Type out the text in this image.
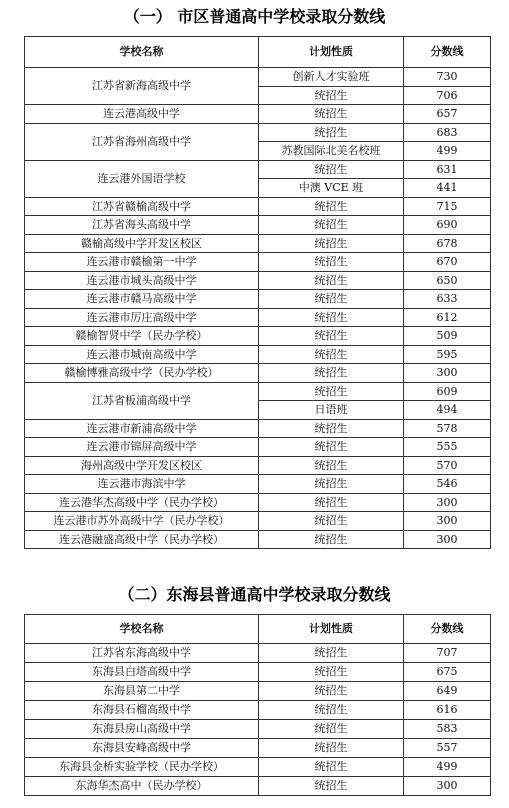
（一） 市区普通高中学校录取分数线
学校名称	计划性质	分数线
江苏省新海高级中学	创新人才实验班	730
	统招生	706
连云港高级中学	统招生	657
江苏省海州高级中学	统招生	683
	苏教国际北美名校班	499
连云港外国语学校	统招生	631
	中澳 VCE 班	441
江苏省赣榆高级中学	统招生	715
江苏省海头高级中学	统招生	690
赣榆高级中学开发区校区	统招生	678
连云港市赣榆第一中学	统招生	670
连云港市城头高级中学	统招生	650
连云港市赣马高级中学	统招生	633
连云港市厉庄高级中学	统招生	612
赣榆智贤中学（民办学校）	统招生	509
连云港市城南高级中学	统招生	595
赣榆博雅高级中学（民办学校）	统招生	300
江苏省板浦高级中学	统招生	609
	日语班	494
连云港市新浦高级中学	统招生	578
连云港市锦屏高级中学	统招生	555
海州高级中学开发区校区	统招生	570
连云港市海滨中学	统招生	546
连云港华杰高级中学（民办学校）	统招生	300
连云港市苏外高级中学（民办学校）	统招生	300
连云港融盛高级中学（民办学校）	统招生	300
（二）东海县普通高中学校录取分数线
学校名称	计划性质	分数线
江苏省东海高级中学	统招生	707
东海县白塔高级中学	统招生	675
东海县第二中学	统招生	649
东海县石榴高级中学	统招生	616
东海县房山高级中学	统招生	583
东海县安峰高级中学	统招生	557
东海县金桥实验学校（民办学校）	统招生	499
东海华杰高中（民办学校）	统招生	300
